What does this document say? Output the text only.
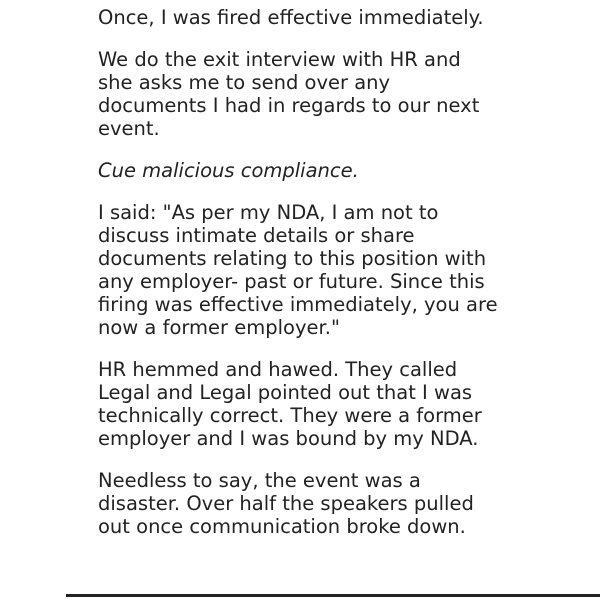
Once, I was fired effective immediately.

We do the exit interview with HR and
she asks me to send over any
documents I had in regards to our next
event.

Cue malicious compliance.

I said: "As per my NDA, I am not to
discuss intimate details or share
documents relating to this position with
any employer- past or future. Since this
firing was effective immediately, you are
now a former employer."

HR hemmed and hawed. They called
Legal and Legal pointed out that I was
technically correct. They were a former
employer and I was bound by my NDA.

Needless to say, the event was a
disaster. Over half the speakers pulled
out once communication broke down.
